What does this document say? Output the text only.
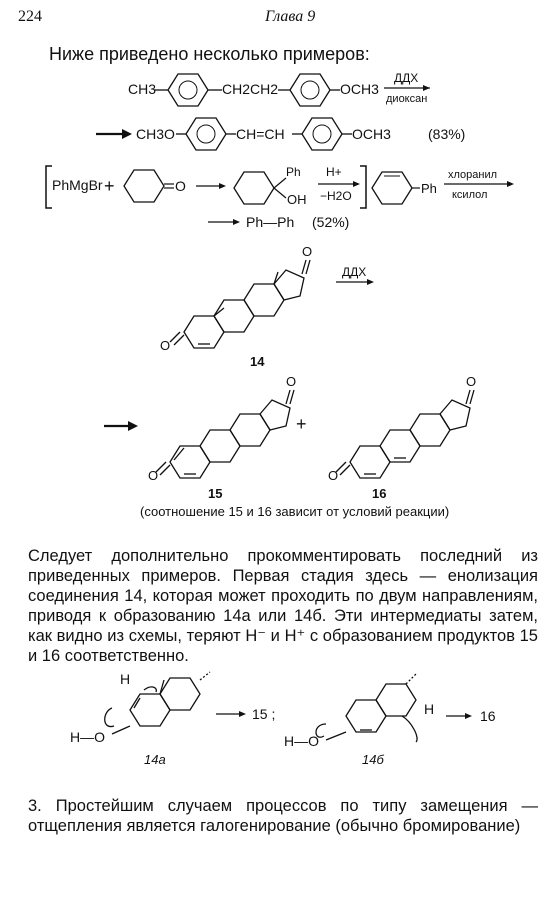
224	Глава 9
Ниже приведено несколько примеров:
CH3	CH2CH2	OCH3
ДДХ
диоксан
CH3O	CH=CH	OCH3	(83%)
PhMgBr +	O
Ph
OH
H+
−H2O	Ph
хлоранил
ксилол
Ph—Ph (52%)
ДДХ
O
O
14
O
O
+
O
O
15	16
(соотношение 15 и 16 зависит от условий реакции)

Следует дополнительно прокомментировать последний из приведенных примеров. Первая стадия здесь — енолизация соединения 14, которая может проходить по двум направлениям, приводя к образованию 14а или 14б. Эти интермедиаты затем, как видно из схемы, теряют H⁻ и H⁺ с образованием продуктов 15 и 16 соответственно.

H
H—O
15 ;
14а
H
H—O
16
14б

3. Простейшим случаем процессов по типу замещения — отщепления является галогенирование (обычно бромирование)
